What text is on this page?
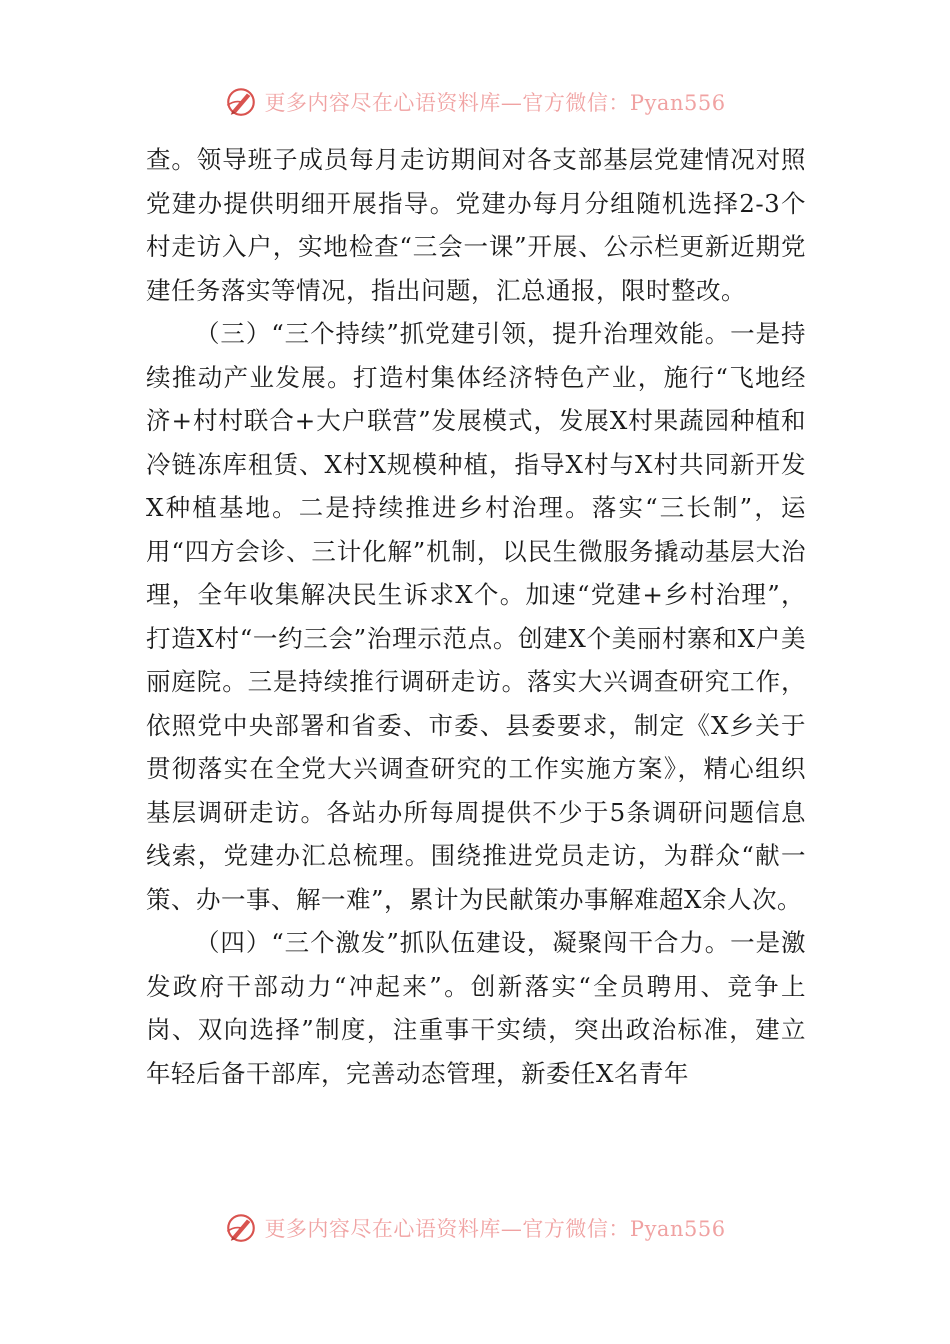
更多内容尽在心语资料库—官方微信：Pyan556

查。领导班子成员每月走访期间对各支部基层党建情况对照党建办提供明细开展指导。党建办每月分组随机选择2-3个村走访入户，实地检查“三会一课”开展、公示栏更新近期党建任务落实等情况，指出问题，汇总通报，限时整改。

（三）“三个持续”抓党建引领，提升治理效能。一是持续推动产业发展。打造村集体经济特色产业，施行“飞地经济+村村联合+大户联营”发展模式，发展X村果蔬园种植和冷链冻库租赁、X村X规模种植，指导X村与X村共同新开发X种植基地。二是持续推进乡村治理。落实“三长制”，运用“四方会诊、三计化解”机制，以民生微服务撬动基层大治理，全年收集解决民生诉求X个。加速“党建+乡村治理”，打造X村“一约三会”治理示范点。创建X个美丽村寨和X户美丽庭院。三是持续推行调研走访。落实大兴调查研究工作，依照党中央部署和省委、市委、县委要求，制定《X乡关于贯彻落实在全党大兴调查研究的工作实施方案》，精心组织基层调研走访。各站办所每周提供不少于5条调研问题信息线索，党建办汇总梳理。围绕推进党员走访，为群众“献一策、办一事、解一难”，累计为民献策办事解难超X余人次。

（四）“三个激发”抓队伍建设，凝聚闯干合力。一是激发政府干部动力“冲起来”。创新落实“全员聘用、竞争上岗、双向选择”制度，注重事干实绩，突出政治标准，建立年轻后备干部库，完善动态管理，新委任X名青年

更多内容尽在心语资料库—官方微信：Pyan556
